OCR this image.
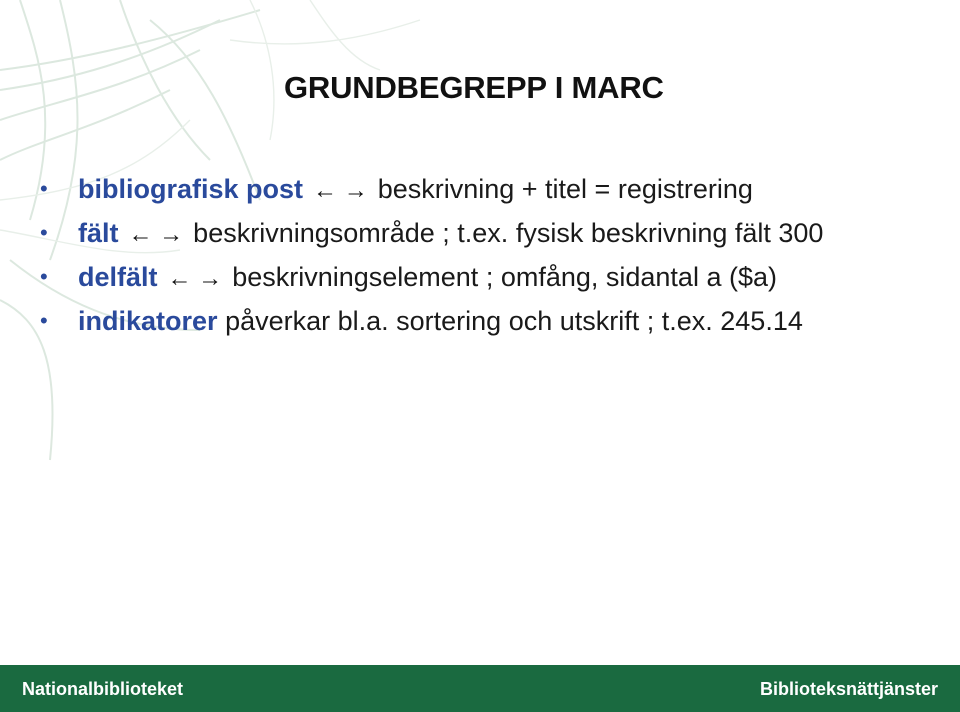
GRUNDBEGREPP I MARC
• bibliografisk post ← → beskrivning + titel = registrering
• fält ← → beskrivningsområde ; t.ex. fysisk beskrivning fält 300
• delfält ← → beskrivningselement ; omfång, sidantal a ($a)
• indikatorer påverkar bl.a. sortering och utskrift ; t.ex. 245.14
Nationalbiblioteket	Biblioteksnättjänster
